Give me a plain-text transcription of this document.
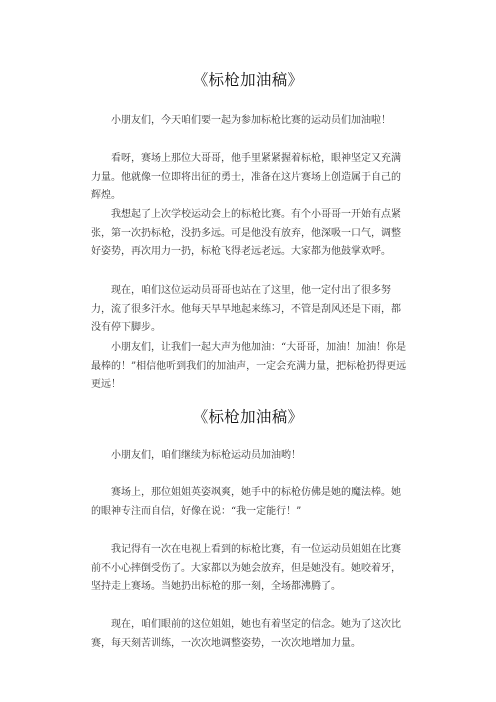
《标枪加油稿》

小朋友们，今天咱们要一起为参加标枪比赛的运动员们加油啦！

看呀，赛场上那位大哥哥，他手里紧紧握着标枪，眼神坚定又充满力量。他就像一位即将出征的勇士，准备在这片赛场上创造属于自己的辉煌。

我想起了上次学校运动会上的标枪比赛。有个小哥哥一开始有点紧张，第一次扔标枪，没扔多远。可是他没有放弃，他深吸一口气，调整好姿势，再次用力一扔，标枪飞得老远老远。大家都为他鼓掌欢呼。

现在，咱们这位运动员哥哥也站在了这里，他一定付出了很多努力，流了很多汗水。他每天早早地起来练习，不管是刮风还是下雨，都没有停下脚步。

小朋友们，让我们一起大声为他加油：“大哥哥，加油！加油！你是最棒的！”相信他听到我们的加油声，一定会充满力量，把标枪扔得更远更远！

《标枪加油稿》

小朋友们，咱们继续为标枪运动员加油哟！

赛场上，那位姐姐英姿飒爽，她手中的标枪仿佛是她的魔法棒。她的眼神专注而自信，好像在说：“我一定能行！”

我记得有一次在电视上看到的标枪比赛，有一位运动员姐姐在比赛前不小心摔倒受伤了。大家都以为她会放弃，但是她没有。她咬着牙，坚持走上赛场。当她扔出标枪的那一刻，全场都沸腾了。

现在，咱们眼前的这位姐姐，她也有着坚定的信念。她为了这次比赛，每天刻苦训练，一次次地调整姿势，一次次地增加力量。
